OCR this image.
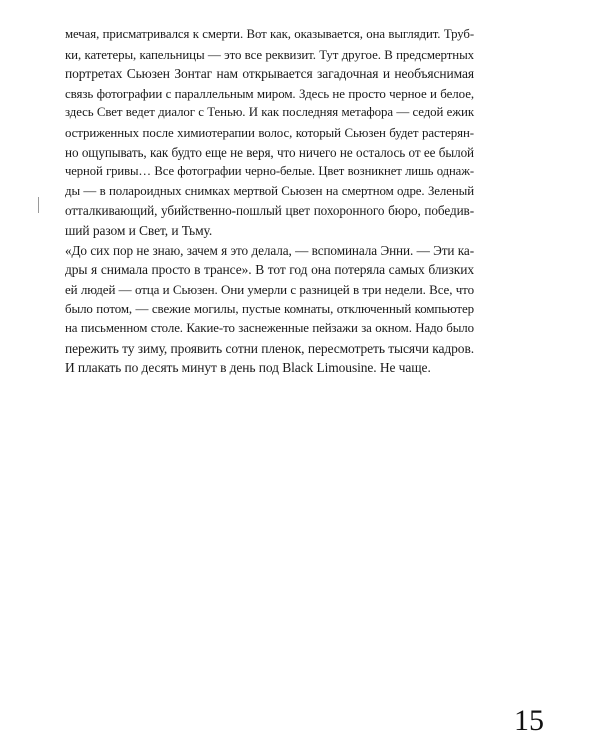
мечая, присматривался к смерти. Вот как, оказывается, она выглядит. Труб-
ки, катетеры, капельницы — это все реквизит. Тут другое. В предсмертных
портретах Сьюзен Зонтаг нам открывается загадочная и необъяснимая
связь фотографии с параллельным миром. Здесь не просто черное и белое,
здесь Свет ведет диалог с Тенью. И как последняя метафора — седой ежик
остриженных после химиотерапии волос, который Сьюзен будет растерян-
но ощупывать, как будто еще не веря, что ничего не осталось от ее былой
черной гривы… Все фотографии черно-белые. Цвет возникнет лишь однаж-
ды — в полароидных снимках мертвой Сьюзен на смертном одре. Зеленый
отталкивающий, убийственно-пошлый цвет похоронного бюро, победив-
ший разом и Свет, и Тьму.
«До сих пор не знаю, зачем я это делала, — вспоминала Энни. — Эти ка-
дры я снимала просто в трансе». В тот год она потеряла самых близких
ей людей — отца и Сьюзен. Они умерли с разницей в три недели. Все, что
было потом, — свежие могилы, пустые комнаты, отключенный компьютер
на письменном столе. Какие-то заснеженные пейзажи за окном. Надо было
пережить ту зиму, проявить сотни пленок, пересмотреть тысячи кадров.
И плакать по десять минут в день под Black Limousine. Не чаще.
15
